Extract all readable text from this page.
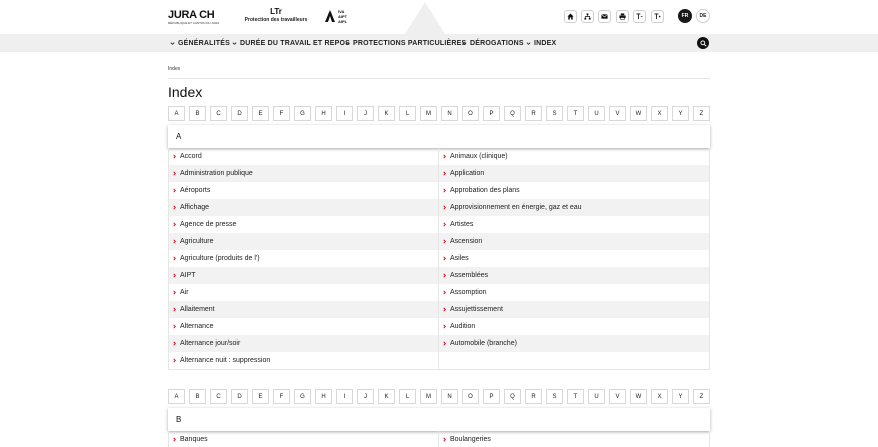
JURA CH
RÉPUBLIQUE ET CANTON DU JURA
LTr
Protection des travailleurs
IVA
AIPT
AIPL
FR	DE
GÉNÉRALITÉS DURÉE DU TRAVAIL ET REPOS PROTECTIONS PARTICULIÈRES DÉROGATIONS INDEX
Index
Index
A	B	C	D	E	F	G	H	I	J	K	L	M	N	O	P	Q	R	S	T	U	V	W	X	Y	Z
A
Accord	Animaux (clinique)
Administration publique	Application
Aéroports	Approbation des plans
Affichage	Approvisionnement en énergie, gaz et eau
Agence de presse	Artistes
Agriculture	Ascension
Agriculture (produits de l')	Asiles
AIPT	Assemblées
Air	Assomption
Allaitement	Assujettissement
Alternance	Audition
Alternance jour/soir	Automobile (branche)
Alternance nuit : suppression
A	B	C	D	E	F	G	H	I	J	K	L	M	N	O	P	Q	R	S	T	U	V	W	X	Y	Z
B
Banques	Boulangeries
